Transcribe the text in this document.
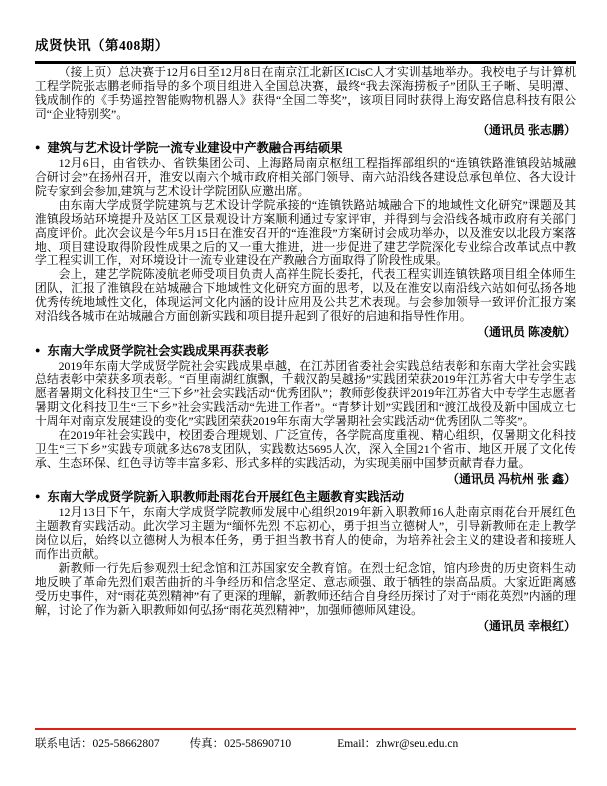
成贤快讯（第408期）

（接上页）总决赛于12月6日至12月8日在南京江北新区ICisC人才实训基地举办。我校电子与计算机工程学院张志鹏老师指导的多个项目组进入全国总决赛，最终“我去深海捞板子”团队王子晰、吴明潭、钱成制作的《手势遥控智能购物机器人》获得“全国二等奖”，该项目同时获得上海安路信息科技有限公司“企业特别奖”。

（通讯员 张志鹏）

● 建筑与艺术设计学院一流专业建设中产教融合再结硕果

12月6日，由省铁办、省铁集团公司、上海路局南京枢纽工程指挥部组织的“连镇铁路淮镇段站城融合研讨会”在扬州召开，淮安以南六个城市政府相关部门领导、南六站沿线各建设总承包单位、各大设计院专家到会参加,建筑与艺术设计学院团队应邀出席。

由东南大学成贤学院建筑与艺术设计学院承接的“连镇铁路站城融合下的地域性文化研究”课题及其淮镇段场站环境提升及站区工区景观设计方案顺利通过专家评审，并得到与会沿线各城市政府有关部门高度评价。此次会议是今年5月15日在淮安召开的“连淮段”方案研讨会成功举办，以及淮安以北段方案落地、项目建设取得阶段性成果之后的又一重大推进，进一步促进了建艺学院深化专业综合改革试点中教学工程实训工作，对环境设计一流专业建设在产教融合方面取得了阶段性成果。

会上，建艺学院陈凌航老师受项目负责人高祥生院长委托，代表工程实训连镇铁路项目组全体师生团队，汇报了淮镇段在站城融合下地域性文化研究方面的思考，以及在淮安以南沿线六站如何弘扬各地优秀传统地域性文化，体现运河文化内涵的设计应用及公共艺术表现。与会参加领导一致评价汇报方案对沿线各城市在站城融合方面创新实践和项目提升起到了很好的启迪和指导性作用。

（通讯员 陈凌航）

● 东南大学成贤学院社会实践成果再获表彰

2019年东南大学成贤学院社会实践成果卓越，在江苏团省委社会实践总结表彰和东南大学社会实践总结表彰中荣获多项表彰。“百里南湖红旗飘，千载汉韵吴越扬”实践团荣获2019年江苏省大中专学生志愿者暑期文化科技卫生“三下乡”社会实践活动“优秀团队”；教师彭俊获评2019年江苏省大中专学生志愿者暑期文化科技卫生“三下乡”社会实践活动“先进工作者”。“青梦计划”实践团和“渡江战役及新中国成立七十周年对南京发展建设的变化”实践团荣获2019年东南大学暑期社会实践活动“优秀团队二等奖”。

在2019年社会实践中，校团委合理规划、广泛宣传，各学院高度重视、精心组织，仅暑期文化科技卫生“三下乡”实践专项就多达678支团队，实践数达5695人次，深入全国21个省市、地区开展了文化传承、生态环保、红色寻访等丰富多彩、形式多样的实践活动，为实现美丽中国梦贡献青春力量。

（通讯员 冯杭州 张 鑫）

● 东南大学成贤学院新入职教师赴雨花台开展红色主题教育实践活动

12月13日下午，东南大学成贤学院教师发展中心组织2019年新入职教师16人赴南京雨花台开展红色主题教育实践活动。此次学习主题为“缅怀先烈 不忘初心，勇于担当立德树人”，引导新教师在走上教学岗位以后，始终以立德树人为根本任务，勇于担当教书育人的使命，为培养社会主义的建设者和接班人而作出贡献。

新教师一行先后参观烈士纪念馆和江苏国家安全教育馆。在烈士纪念馆，馆内珍贵的历史资料生动地反映了革命先烈们艰苦曲折的斗争经历和信念坚定、意志顽强、敢于牺牲的崇高品质。大家近距离感受历史事件，对“雨花英烈精神”有了更深的理解，新教师还结合自身经历探讨了对于“雨花英烈”内涵的理解，讨论了作为新入职教师如何弘扬“雨花英烈精神”，加强师德师风建设。

（通讯员 幸根红）

联系电话：025-58662807	传真：025-58690710	Email：zhwr@seu.edu.cn
